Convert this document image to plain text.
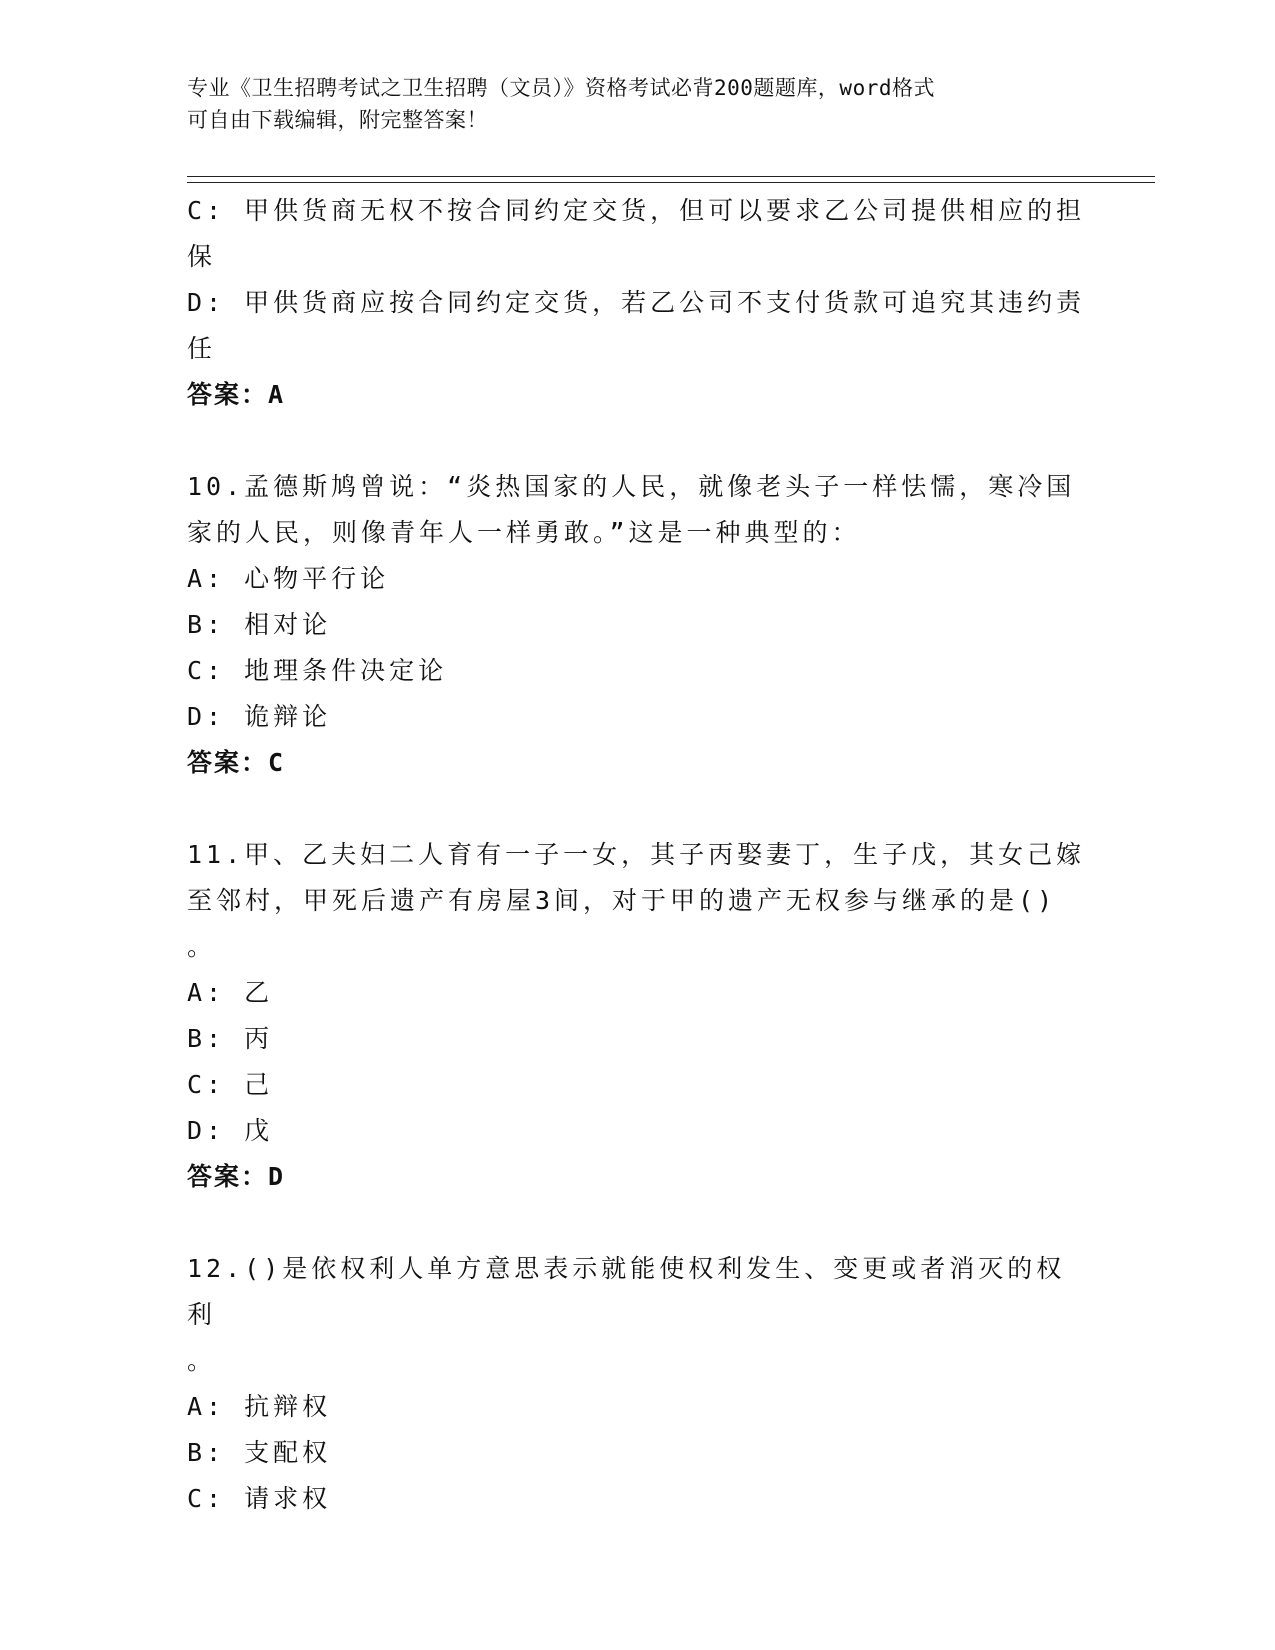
专业《卫生招聘考试之卫生招聘（文员）》资格考试必背200题题库，word格式
可自由下载编辑，附完整答案！
C: 甲供货商无权不按合同约定交货，但可以要求乙公司提供相应的担
保
D: 甲供货商应按合同约定交货，若乙公司不支付货款可追究其违约责
任
答案：A
10.孟德斯鸠曾说：“炎热国家的人民，就像老头子一样怯懦，寒冷国
家的人民，则像青年人一样勇敢。”这是一种典型的：
A: 心物平行论
B: 相对论
C: 地理条件决定论
D: 诡辩论
答案：C
11.甲、乙夫妇二人育有一子一女，其子丙娶妻丁，生子戊，其女己嫁
至邻村，甲死后遗产有房屋3间，对于甲的遗产无权参与继承的是()
。
A: 乙
B: 丙
C: 己
D: 戊
答案：D
12.()是依权利人单方意思表示就能使权利发生、变更或者消灭的权利
。
A: 抗辩权
B: 支配权
C: 请求权
